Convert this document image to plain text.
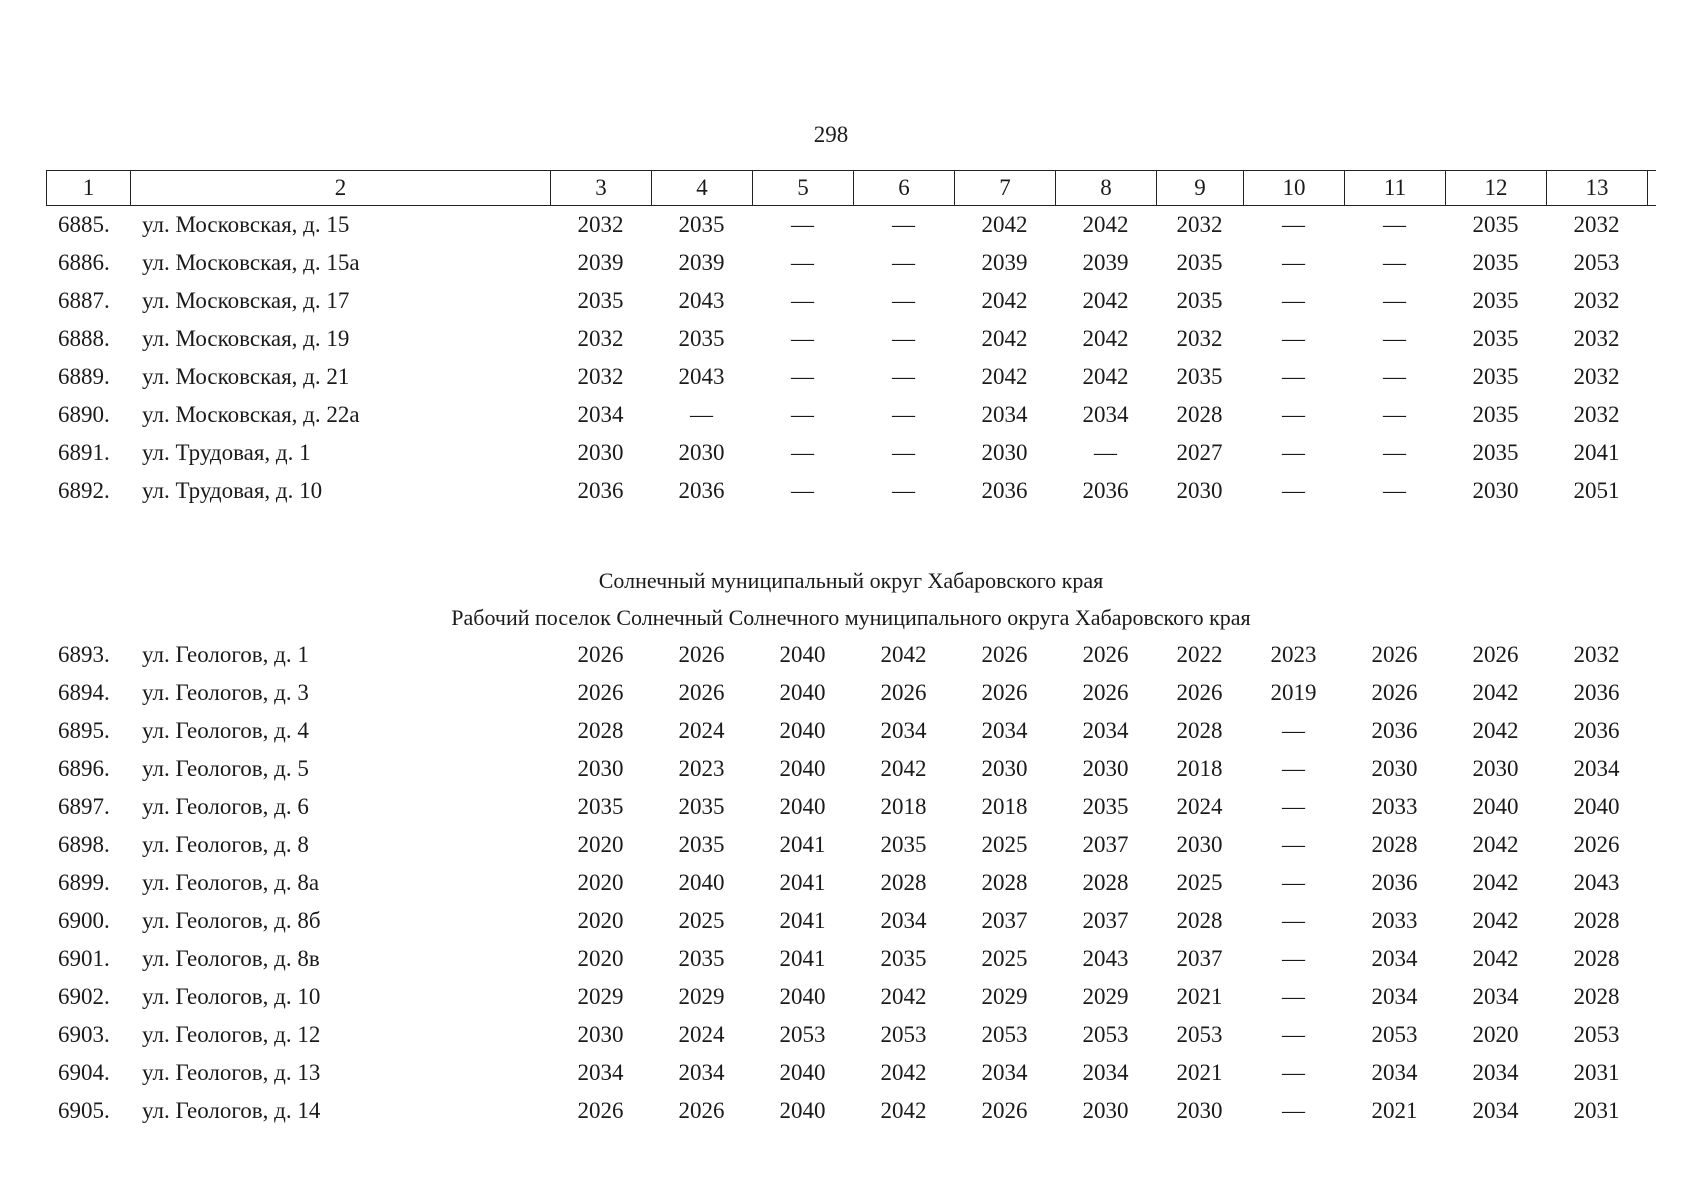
298
1	2	3	4	5	6	7	8	9	10	11	12	13
6885.	ул. Московская, д. 15	2032	2035	—	—	2042	2042	2032	—	—	2035	2032
6886.	ул. Московская, д. 15а	2039	2039	—	—	2039	2039	2035	—	—	2035	2053
6887.	ул. Московская, д. 17	2035	2043	—	—	2042	2042	2035	—	—	2035	2032
6888.	ул. Московская, д. 19	2032	2035	—	—	2042	2042	2032	—	—	2035	2032
6889.	ул. Московская, д. 21	2032	2043	—	—	2042	2042	2035	—	—	2035	2032
6890.	ул. Московская, д. 22а	2034	—	—	—	2034	2034	2028	—	—	2035	2032
6891.	ул. Трудовая, д. 1	2030	2030	—	—	2030	—	2027	—	—	2035	2041
6892.	ул. Трудовая, д. 10	2036	2036	—	—	2036	2036	2030	—	—	2030	2051
Солнечный муниципальный округ Хабаровского края
Рабочий поселок Солнечный Солнечного муниципального округа Хабаровского края
6893.	ул. Геологов, д. 1	2026	2026	2040	2042	2026	2026	2022	2023	2026	2026	2032
6894.	ул. Геологов, д. 3	2026	2026	2040	2026	2026	2026	2026	2019	2026	2042	2036
6895.	ул. Геологов, д. 4	2028	2024	2040	2034	2034	2034	2028	—	2036	2042	2036
6896.	ул. Геологов, д. 5	2030	2023	2040	2042	2030	2030	2018	—	2030	2030	2034
6897.	ул. Геологов, д. 6	2035	2035	2040	2018	2018	2035	2024	—	2033	2040	2040
6898.	ул. Геологов, д. 8	2020	2035	2041	2035	2025	2037	2030	—	2028	2042	2026
6899.	ул. Геологов, д. 8а	2020	2040	2041	2028	2028	2028	2025	—	2036	2042	2043
6900.	ул. Геологов, д. 8б	2020	2025	2041	2034	2037	2037	2028	—	2033	2042	2028
6901.	ул. Геологов, д. 8в	2020	2035	2041	2035	2025	2043	2037	—	2034	2042	2028
6902.	ул. Геологов, д. 10	2029	2029	2040	2042	2029	2029	2021	—	2034	2034	2028
6903.	ул. Геологов, д. 12	2030	2024	2053	2053	2053	2053	2053	—	2053	2020	2053
6904.	ул. Геологов, д. 13	2034	2034	2040	2042	2034	2034	2021	—	2034	2034	2031
6905.	ул. Геологов, д. 14	2026	2026	2040	2042	2026	2030	2030	—	2021	2034	2031
